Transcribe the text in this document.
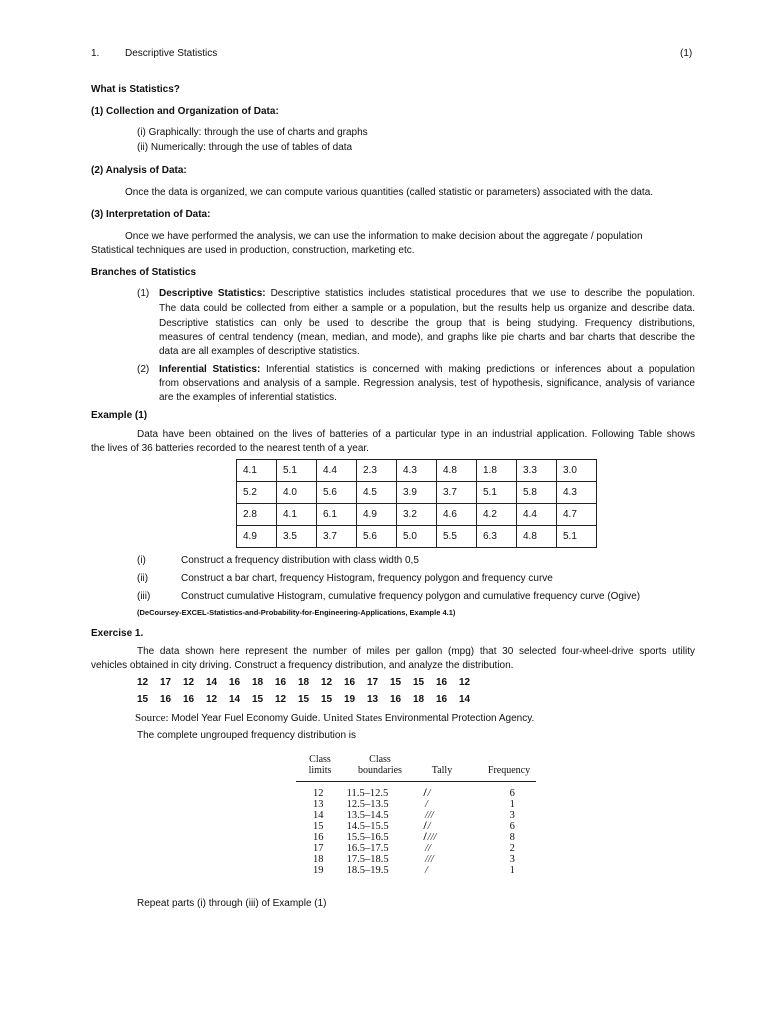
1.	Descriptive Statistics	(1)
What is Statistics?
(1) Collection and Organization of Data:
(i) Graphically: through the use of charts and graphs
(ii) Numerically: through the use of tables of data
(2) Analysis of Data:
Once the data is organized, we can compute various quantities (called statistic or parameters) associated with the data.
(3) Interpretation of Data:
Once we have performed the analysis, we can use the information to make decision about the aggregate / population
Statistical techniques are used in production, construction, marketing etc.
Branches of Statistics
(1) Descriptive Statistics: Descriptive statistics includes statistical procedures that we use to describe the population.
The data could be collected from either a sample or a population, but the results help us organize and describe data.
Descriptive statistics can only be used to describe the group that is being studying. Frequency distributions,
measures of central tendency (mean, median, and mode), and graphs like pie charts and bar charts that describe the
data are all examples of descriptive statistics.
(2) Inferential Statistics: Inferential statistics is concerned with making predictions or inferences about a population
from observations and analysis of a sample. Regression analysis, test of hypothesis, significance, analysis of variance
are the examples of inferential statistics.
Example (1)
Data have been obtained on the lives of batteries of a particular type in an industrial application. Following Table shows
the lives of 36 batteries recorded to the nearest tenth of a year.
4.1	5.1	4.4	2.3	4.3	4.8	1.8	3.3	3.0
5.2	4.0	5.6	4.5	3.9	3.7	5.1	5.8	4.3
2.8	4.1	6.1	4.9	3.2	4.6	4.2	4.4	4.7
4.9	3.5	3.7	5.6	5.0	5.5	6.3	4.8	5.1
(i)	Construct a frequency distribution with class width 0,5
(ii)	Construct a bar chart, frequency Histogram, frequency polygon and frequency curve
(iii)	Construct cumulative Histogram, cumulative frequency polygon and cumulative frequency curve (Ogive)
(DeCoursey-EXCEL-Statistics-and-Probability-for-Engineering-Applications, Example 4.1)
Exercise 1.
The data shown here represent the number of miles per gallon (mpg) that 30 selected four-wheel-drive sports utility
vehicles obtained in city driving. Construct a frequency distribution, and analyze the distribution.
12 17 12 14 16 18 16 18 12 16 17 15 15 16 12
15 16 16 12 14 15 12 15 15 19 13 16 18 16 14
Source: Model Year Fuel Economy Guide. United States Environmental Protection Agency.
The complete ungrouped frequency distribution is
Class
limits
Class
boundaries	Tally	Frequency
12	11.5–12.5	̸̸̸̸ /	6
13	12.5–13.5	/	1
14	13.5–14.5	///	3
15	14.5–15.5	̸̸̸̸ /	6
16	15.5–16.5	̸̸̸̸ ///	8
17	16.5–17.5	//	2
18	17.5–18.5	///	3
19	18.5–19.5	/	1
Repeat parts (i) through (iii) of Example (1)
